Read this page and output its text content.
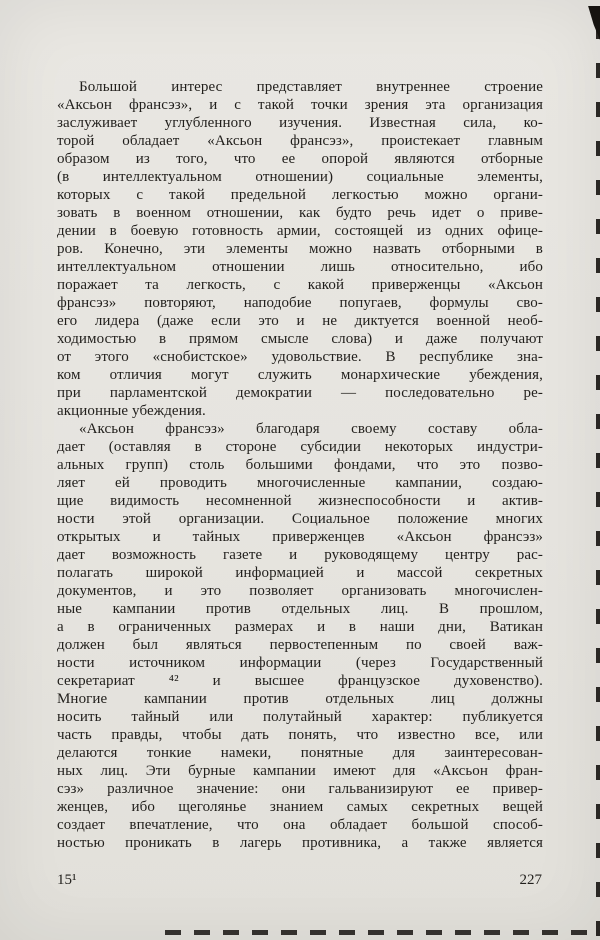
Большой интерес представляет внутреннее строение
«Аксьон франсэз», и с такой точки зрения эта организация
заслуживает углубленного изучения. Известная сила, ко-
торой обладает «Аксьон франсэз», проистекает главным
образом из того, что ее опорой являются отборные
(в интеллектуальном отношении) социальные элементы,
которых с такой предельной легкостью можно органи-
зовать в военном отношении, как будто речь идет о приве-
дении в боевую готовность армии, состоящей из одних офице-
ров. Конечно, эти элементы можно назвать отборными в
интеллектуальном отношении лишь относительно, ибо
поражает та легкость, с какой приверженцы «Аксьон
франсэз» повторяют, наподобие попугаев, формулы сво-
его лидера (даже если это и не диктуется военной необ-
ходимостью в прямом смысле слова) и даже получают
от этого «снобистское» удовольствие. В республике зна-
ком отличия могут служить монархические убеждения,
при парламентской демократии — последовательно ре-
акционные убеждения.
«Аксьон франсэз» благодаря своему составу обла-
дает (оставляя в стороне субсидии некоторых индустри-
альных групп) столь большими фондами, что это позво-
ляет ей проводить многочисленные кампании, создаю-
щие видимость несомненной жизнеспособности и актив-
ности этой организации. Социальное положение многих
открытых и тайных приверженцев «Аксьон франсэз»
дает возможность газете и руководящему центру рас-
полагать широкой информацией и массой секретных
документов, и это позволяет организовать многочислен-
ные кампании против отдельных лиц. В прошлом,
а в ограниченных размерах и в наши дни, Ватикан
должен был являться первостепенным по своей важ-
ности источником информации (через Государственный
секретариат ⁴² и высшее французское духовенство).
Многие кампании против отдельных лиц должны
носить тайный или полутайный характер: публикуется
часть правды, чтобы дать понять, что известно все, или
делаются тонкие намеки, понятные для заинтересован-
ных лиц. Эти бурные кампании имеют для «Аксьон фран-
сэз» различное значение: они гальванизируют ее привер-
женцев, ибо щеголянье знанием самых секретных вещей
создает впечатление, что она обладает большой способ-
ностью проникать в лагерь противника, а также является
15¹	227
